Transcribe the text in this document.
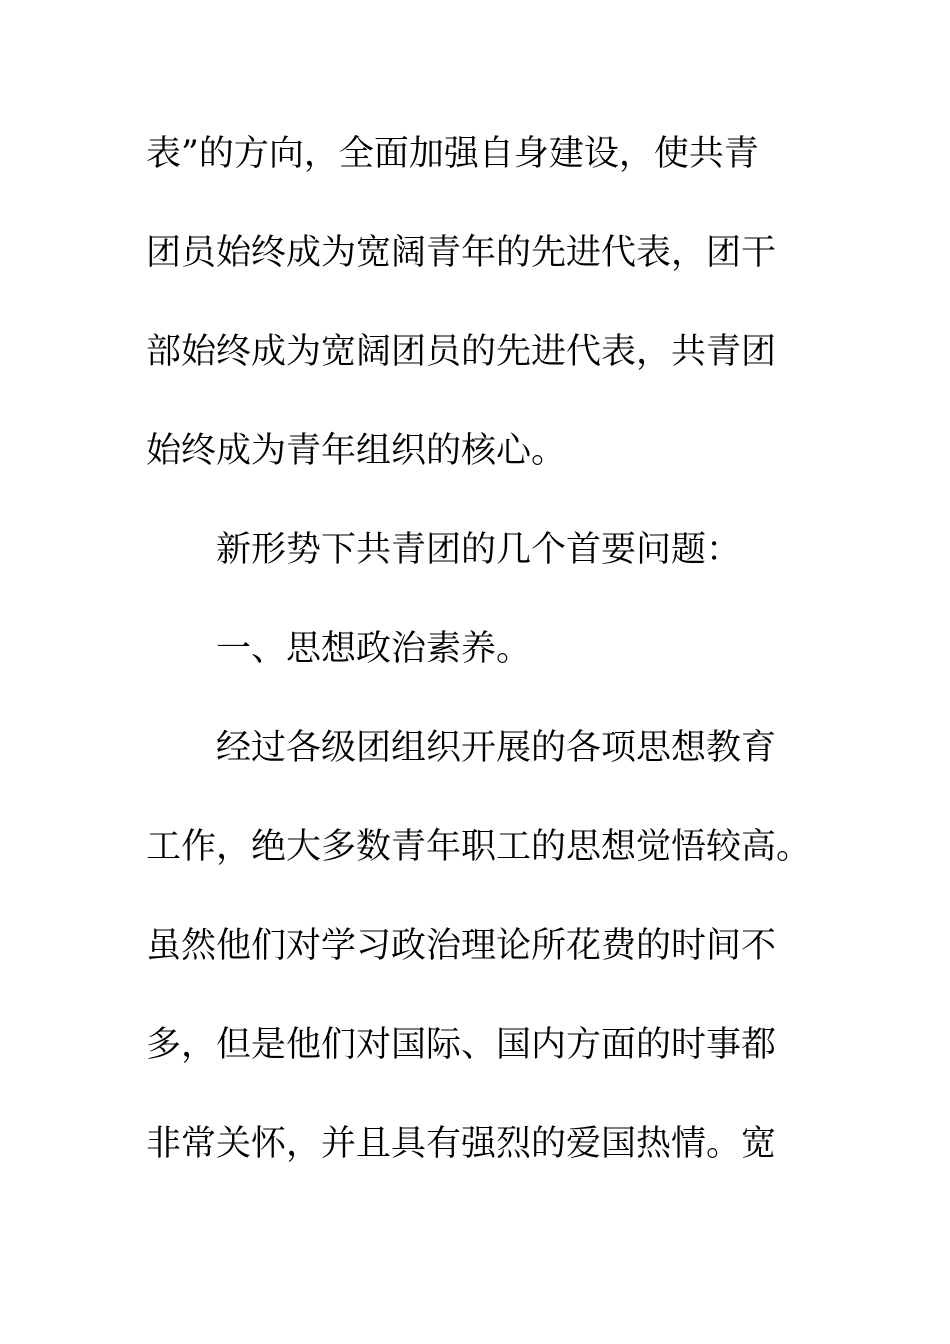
表”的方向，全面加强自身建设，使共青
团员始终成为宽阔青年的先进代表，团干
部始终成为宽阔团员的先进代表，共青团
始终成为青年组织的核心。
新形势下共青团的几个首要问题：
一、思想政治素养。
经过各级团组织开展的各项思想教育
工作，绝大多数青年职工的思想觉悟较高。
虽然他们对学习政治理论所花费的时间不
多，但是他们对国际、国内方面的时事都
非常关怀，并且具有强烈的爱国热情。宽
